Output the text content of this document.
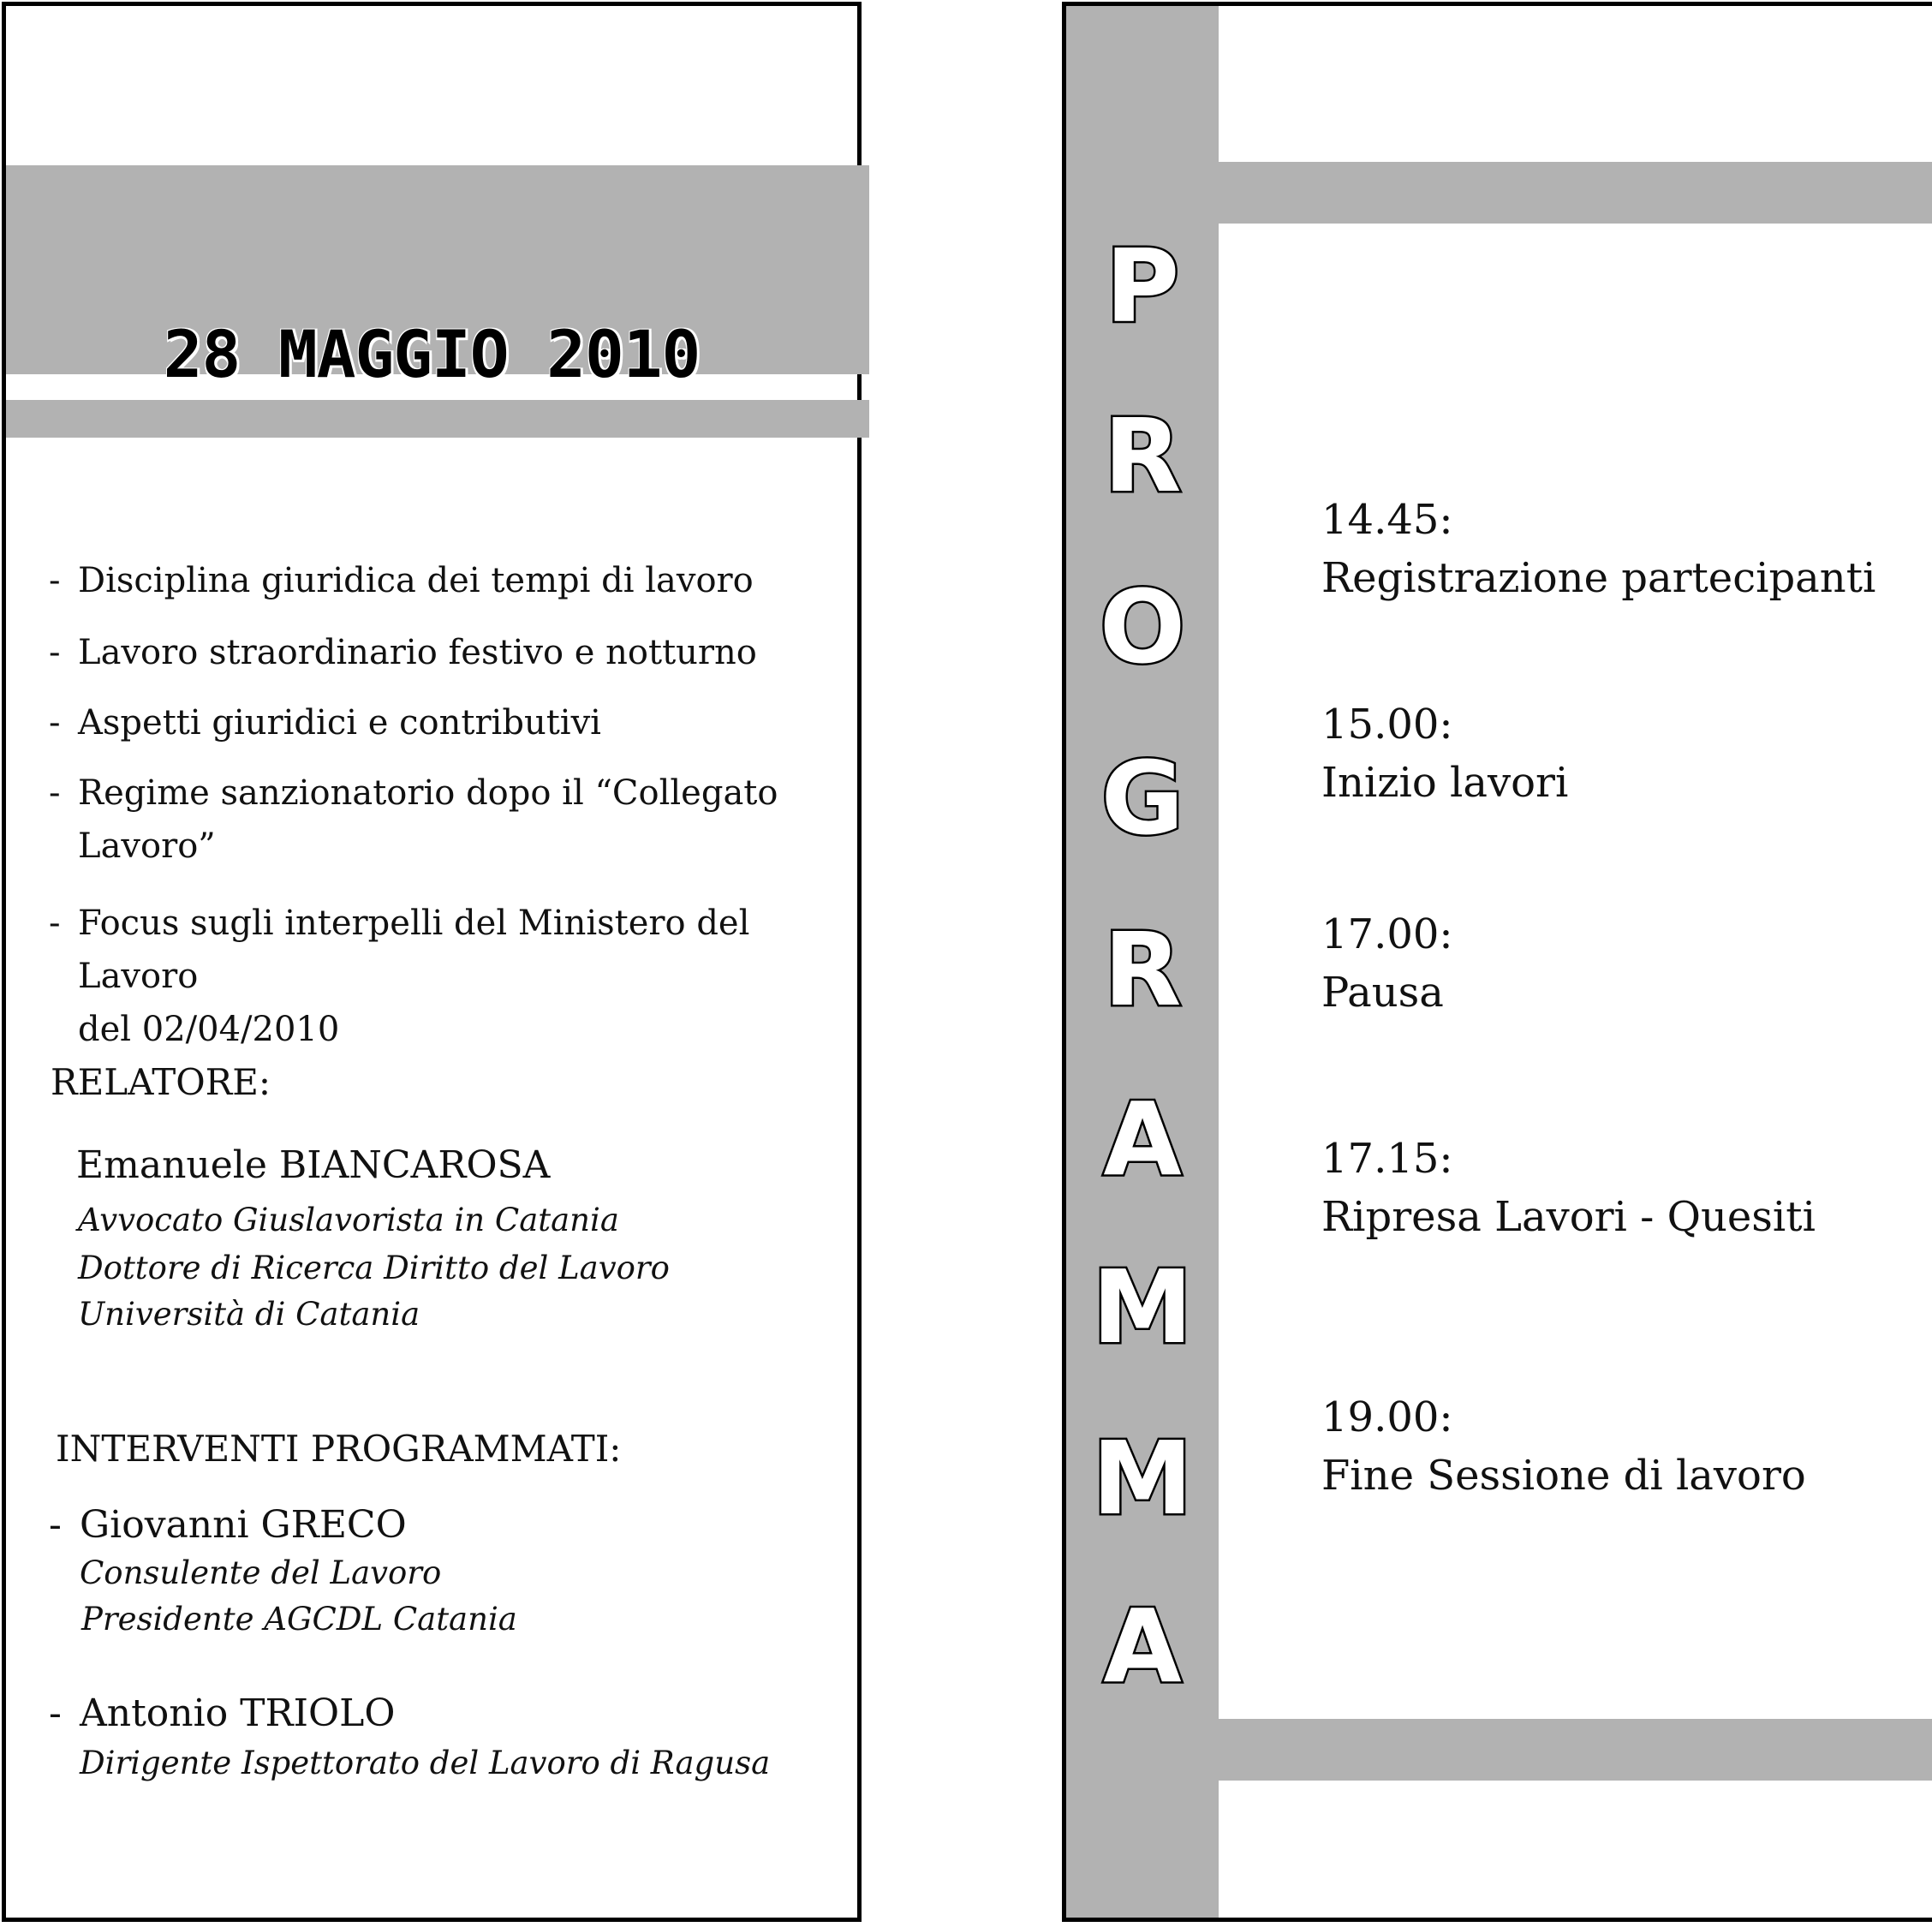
28 MAGGIO 2010
- Disciplina giuridica dei tempi di lavoro
- Lavoro straordinario festivo e notturno
- Aspetti giuridici e contributivi
- Regime sanzionatorio dopo il “Collegato Lavoro”
- Focus sugli interpelli del Ministero del Lavoro
del 02/04/2010
RELATORE:
Emanuele BIANCAROSA
Avvocato Giuslavorista in Catania
Dottore di Ricerca Diritto del Lavoro
Università di Catania
INTERVENTI PROGRAMMATI:
- Giovanni GRECO
Consulente del Lavoro
Presidente AGCDL Catania
- Antonio TRIOLO
Dirigente Ispettorato del Lavoro di Ragusa
P
R
O
G
R
A
M
M
A
14.45:
Registrazione partecipanti
15.00:
Inizio lavori
17.00:
Pausa
17.15:
Ripresa Lavori - Quesiti
19.00:
Fine Sessione di lavoro
